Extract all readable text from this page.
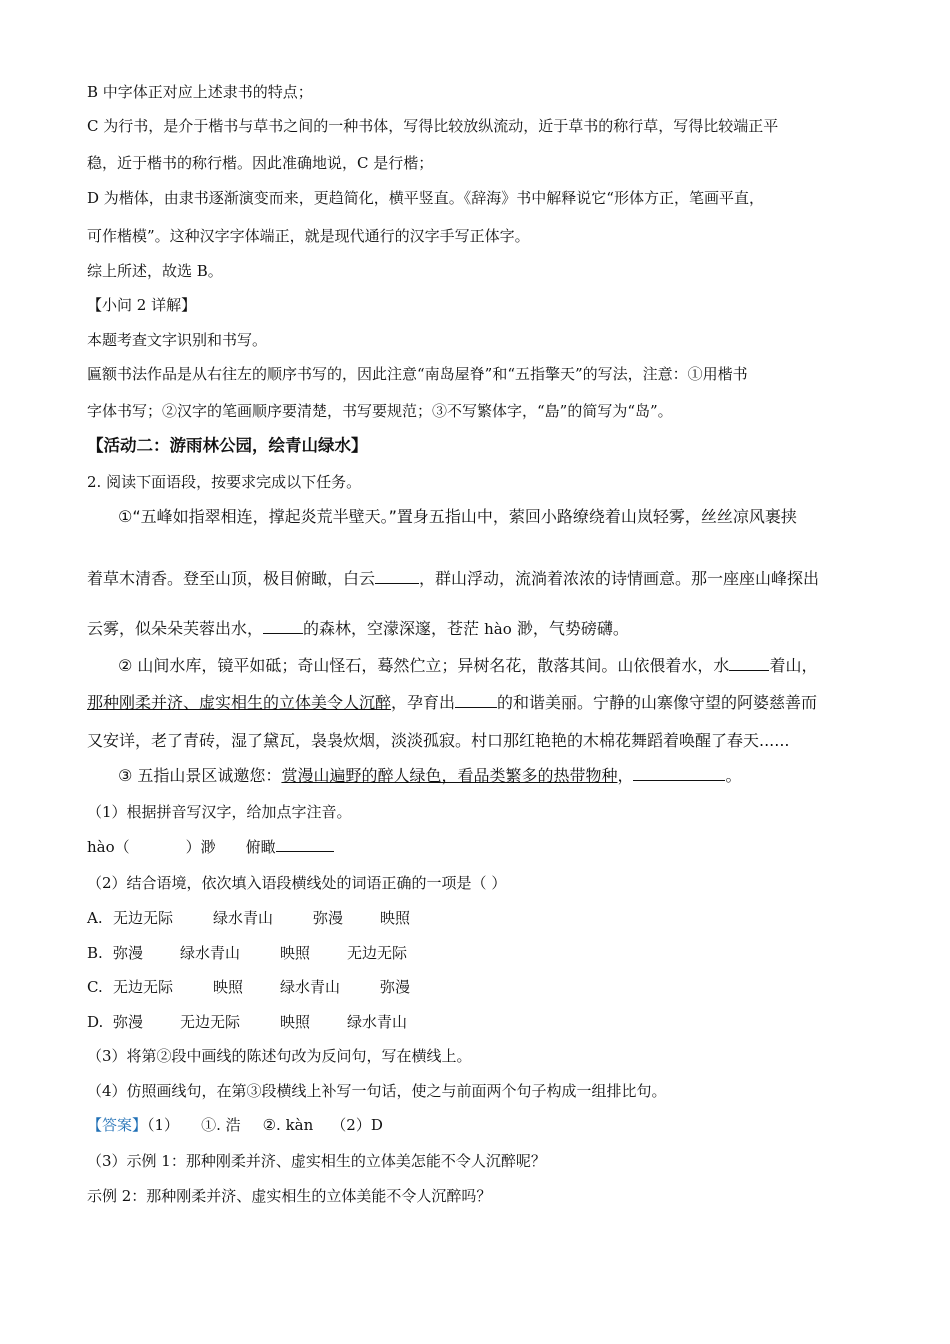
B 中字体正对应上述隶书的特点；
C 为行书，是介于楷书与草书之间的一种书体，写得比较放纵流动，近于草书的称行草，写得比较端正平
稳，近于楷书的称行楷。因此准确地说，C 是行楷；
D 为楷体，由隶书逐渐演变而来，更趋简化，横平竖直。《辞海》书中解释说它“形体方正，笔画平直，
可作楷模”。这种汉字字体端正，就是现代通行的汉字手写正体字。
综上所述，故选 B。
【小问 2 详解】
本题考查文字识别和书写。
匾额书法作品是从右往左的顺序书写的，因此注意“南岛屋脊”和“五指擎天”的写法，注意：①用楷书
字体书写；②汉字的笔画顺序要清楚，书写要规范；③不写繁体字，“島”的简写为“岛”。
【活动二：游雨林公园，绘青山绿水】
2. 阅读下面语段，按要求完成以下任务。
①“五峰如指翠相连，撑起炎荒半壁天。”置身五指山中，萦回小路缭绕着山岚轻雾，丝丝凉风裹挟
着草木清香。登至山顶，极目俯瞰，白云	，群山浮动，流淌着浓浓的诗情画意。那一座座山峰探出
云雾，似朵朵芙蓉出水，	的森林，空濛深邃，苍茫 hào 渺，气势磅礴。
② 山间水库，镜平如砥；奇山怪石，蓦然伫立；异树名花，散落其间。山依偎着水，水	着山，
那种刚柔并济、虚实相生的立体美令人沉醉，孕育出	的和谐美丽。宁静的山寨像守望的阿婆慈善而
又安详，老了青砖，湿了黛瓦，袅袅炊烟，淡淡孤寂。村口那红艳艳的木棉花舞蹈着唤醒了春天......
③ 五指山景区诚邀您：赏漫山遍野的醉人绿色，看品类繁多的热带物种，	。
（1）根据拼音写汉字，给加点字注音。
hào（	）渺 俯瞰
（2）结合语境，依次填入语段横线处的词语正确的一项是（ ）
A. 无边无际	绿水青山	弥漫 映照
B. 弥漫 绿水青山	映照 无边无际
C. 无边无际	映照 绿水青山	弥漫
D. 弥漫 无边无际	映照 绿水青山
（3）将第②段中画线的陈述句改为反问句，写在横线上。
（4）仿照画线句，在第③段横线上补写一句话，使之与前面两个句子构成一组排比句。
【答案】（1） ①. 浩 ②. kàn （2）D
（3）示例 1：那种刚柔并济、虚实相生的立体美怎能不令人沉醉呢？
示例 2：那种刚柔并济、虚实相生的立体美能不令人沉醉吗？
